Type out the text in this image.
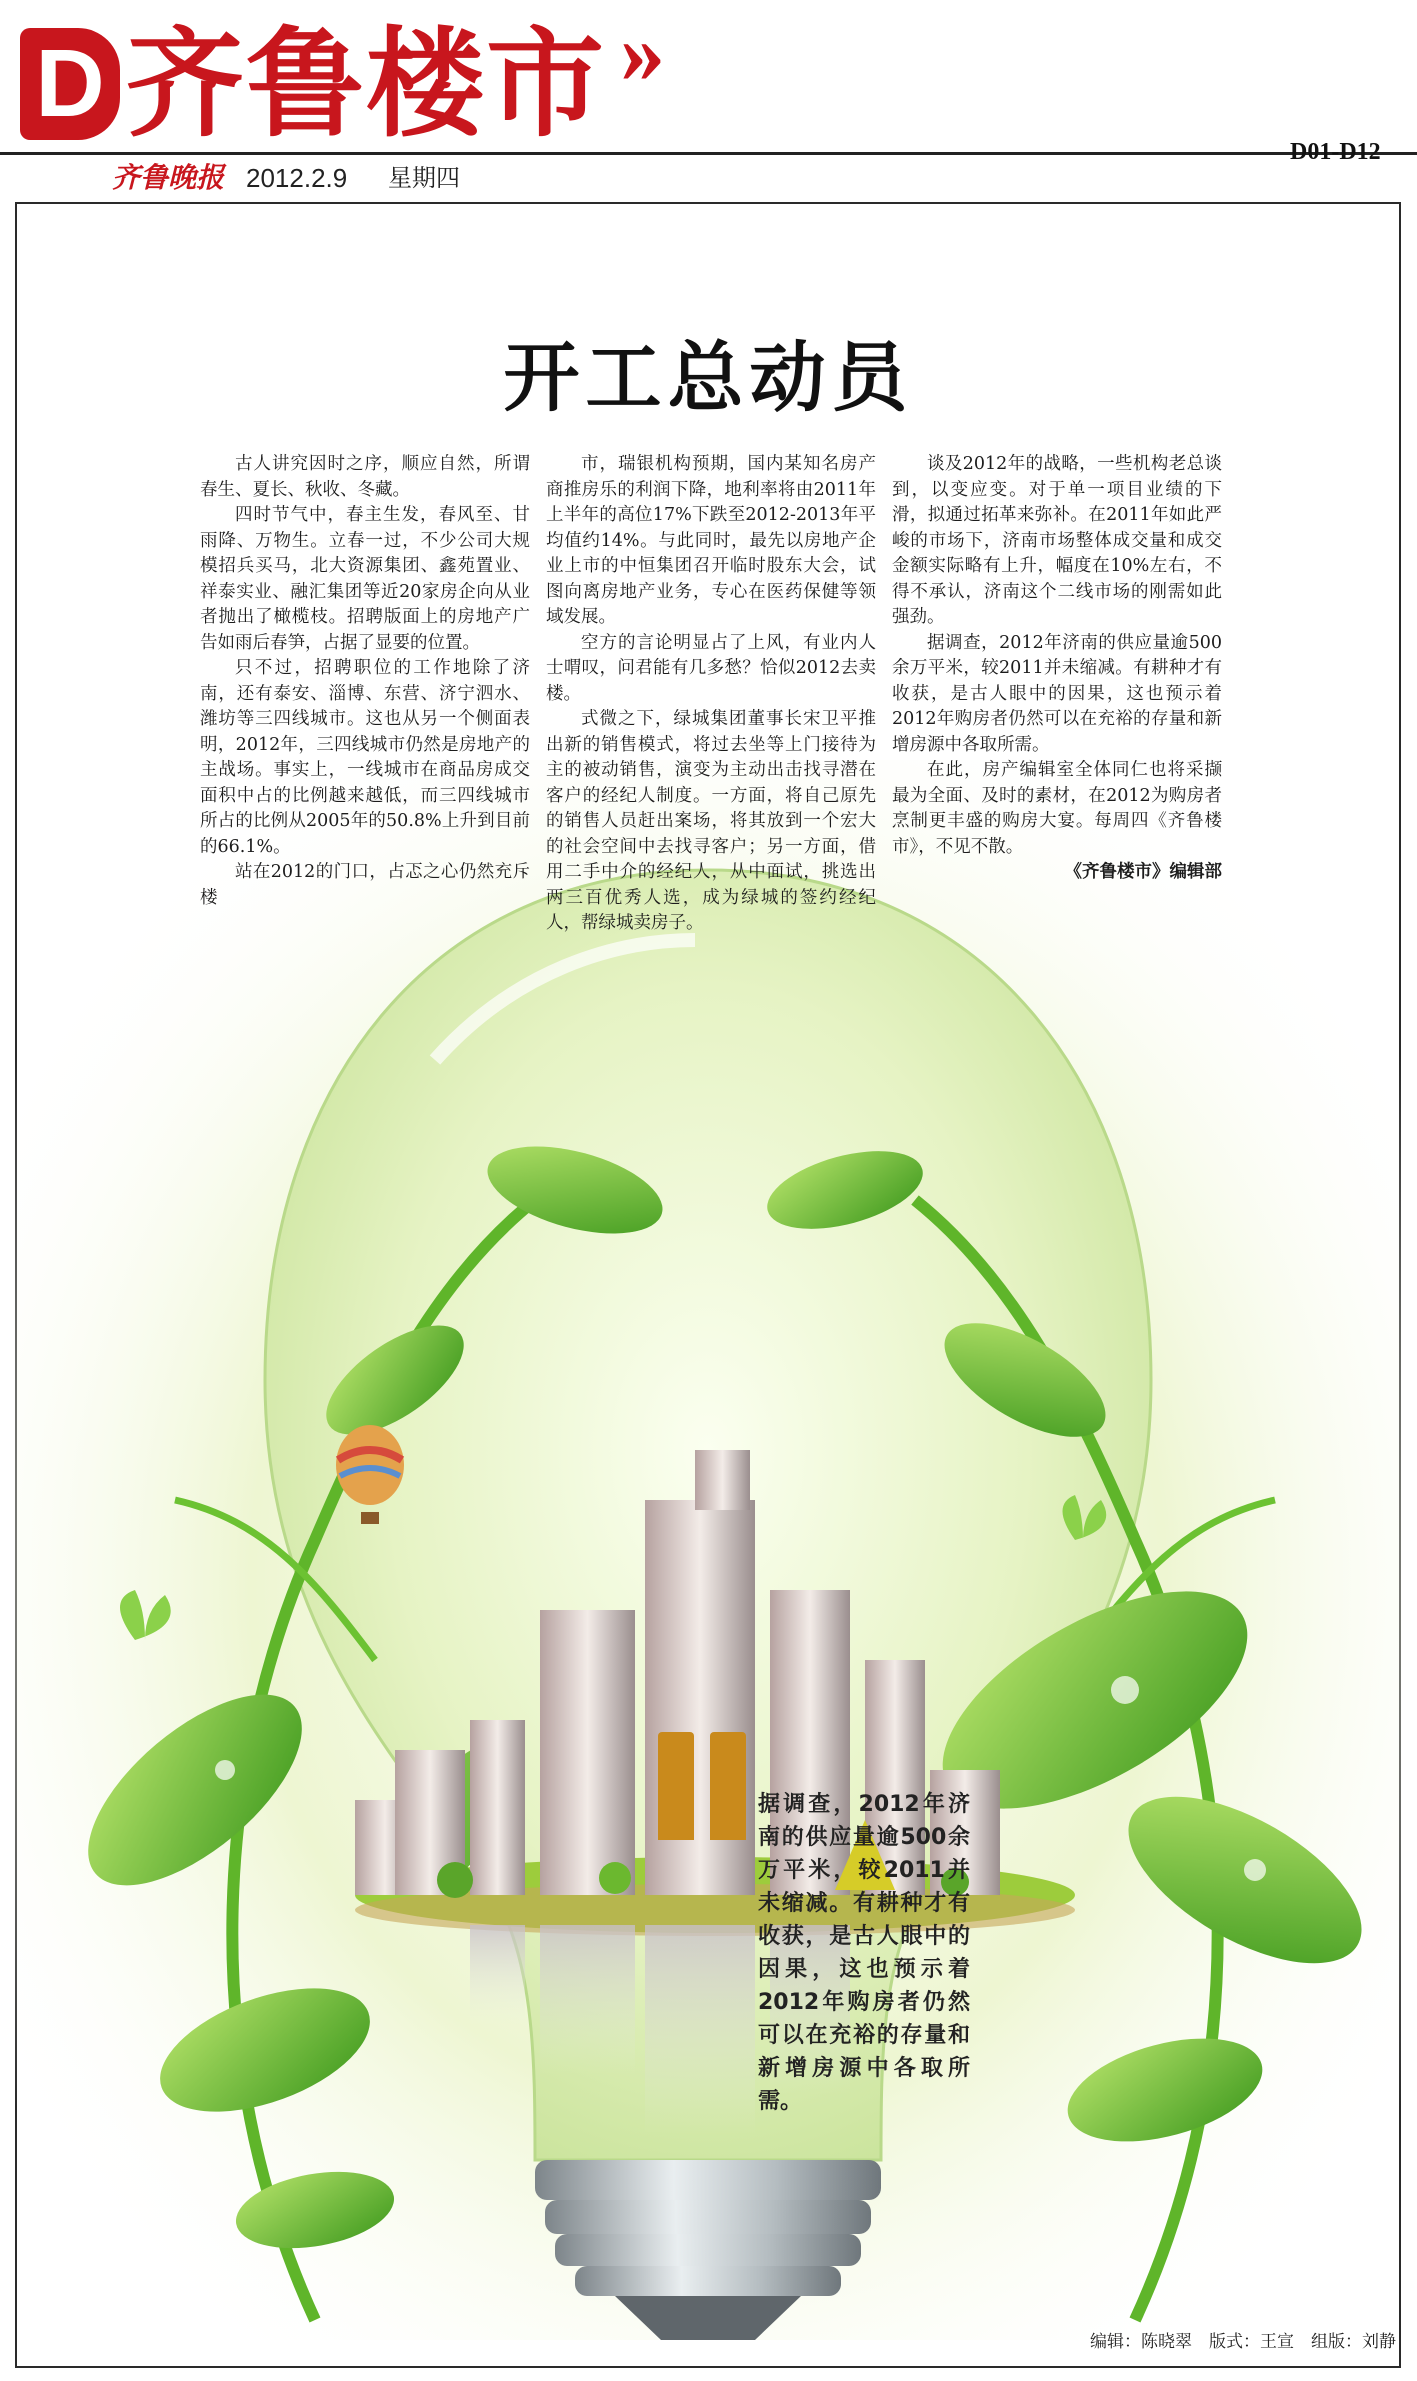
D 齐鲁楼市 »
齐鲁晚报 2012.2.9 星期四
D01-D12
开工总动员

古人讲究因时之序，顺应自然，所谓春生、夏长、秋收、冬藏。

四时节气中，春主生发，春风至、甘雨降、万物生。立春一过，不少公司大规模招兵买马，北大资源集团、鑫苑置业、祥泰实业、融汇集团等近20家房企向从业者抛出了橄榄枝。招聘版面上的房地产广告如雨后春笋，占据了显要的位置。

只不过，招聘职位的工作地除了济南，还有泰安、淄博、东营、济宁泗水、潍坊等三四线城市。这也从另一个侧面表明，2012年，三四线城市仍然是房地产的主战场。事实上，一线城市在商品房成交面积中占的比例越来越低，而三四线城市所占的比例从2005年的50.8%上升到目前的66.1%。

站在2012的门口，占忑之心仍然充斥楼

市，瑞银机构预期，国内某知名房产商推房乐的利润下降，地利率将由2011年上半年的高位17%下跌至2012-2013年平均值约14%。与此同时，最先以房地产企业上市的中恒集团召开临时股东大会，试图向离房地产业务，专心在医药保健等领域发展。

空方的言论明显占了上风，有业内人士喟叹，问君能有几多愁？恰似2012去卖楼。

式微之下，绿城集团董事长宋卫平推出新的销售模式，将过去坐等上门接待为主的被动销售，演变为主动出击找寻潜在客户的经纪人制度。一方面，将自己原先的销售人员赶出案场，将其放到一个宏大的社会空间中去找寻客户；另一方面，借用二手中介的经纪人，从中面试，挑选出两三百优秀人选，成为绿城的签约经纪人，帮绿城卖房子。

谈及2012年的战略，一些机构老总谈到，以变应变。对于单一项目业绩的下滑，拟通过拓革来弥补。在2011年如此严峻的市场下，济南市场整体成交量和成交金额实际略有上升，幅度在10%左右，不得不承认，济南这个二线市场的刚需如此强劲。

据调查，2012年济南的供应量逾500余万平米，较2011并未缩减。有耕种才有收获，是古人眼中的因果，这也预示着2012年购房者仍然可以在充裕的存量和新增房源中各取所需。

在此，房产编辑室全体同仁也将采撷最为全面、及时的素材，在2012为购房者烹制更丰盛的购房大宴。每周四《齐鲁楼市》，不见不散。

《齐鲁楼市》编辑部

据调查，2012年济南的供应量逾500余万平米，较2011并未缩减。有耕种才有收获，是古人眼中的因果，这也预示着2012年购房者仍然可以在充裕的存量和新增房源中各取所需。
编辑：陈晓翠　版式：王宣　组版：刘静
